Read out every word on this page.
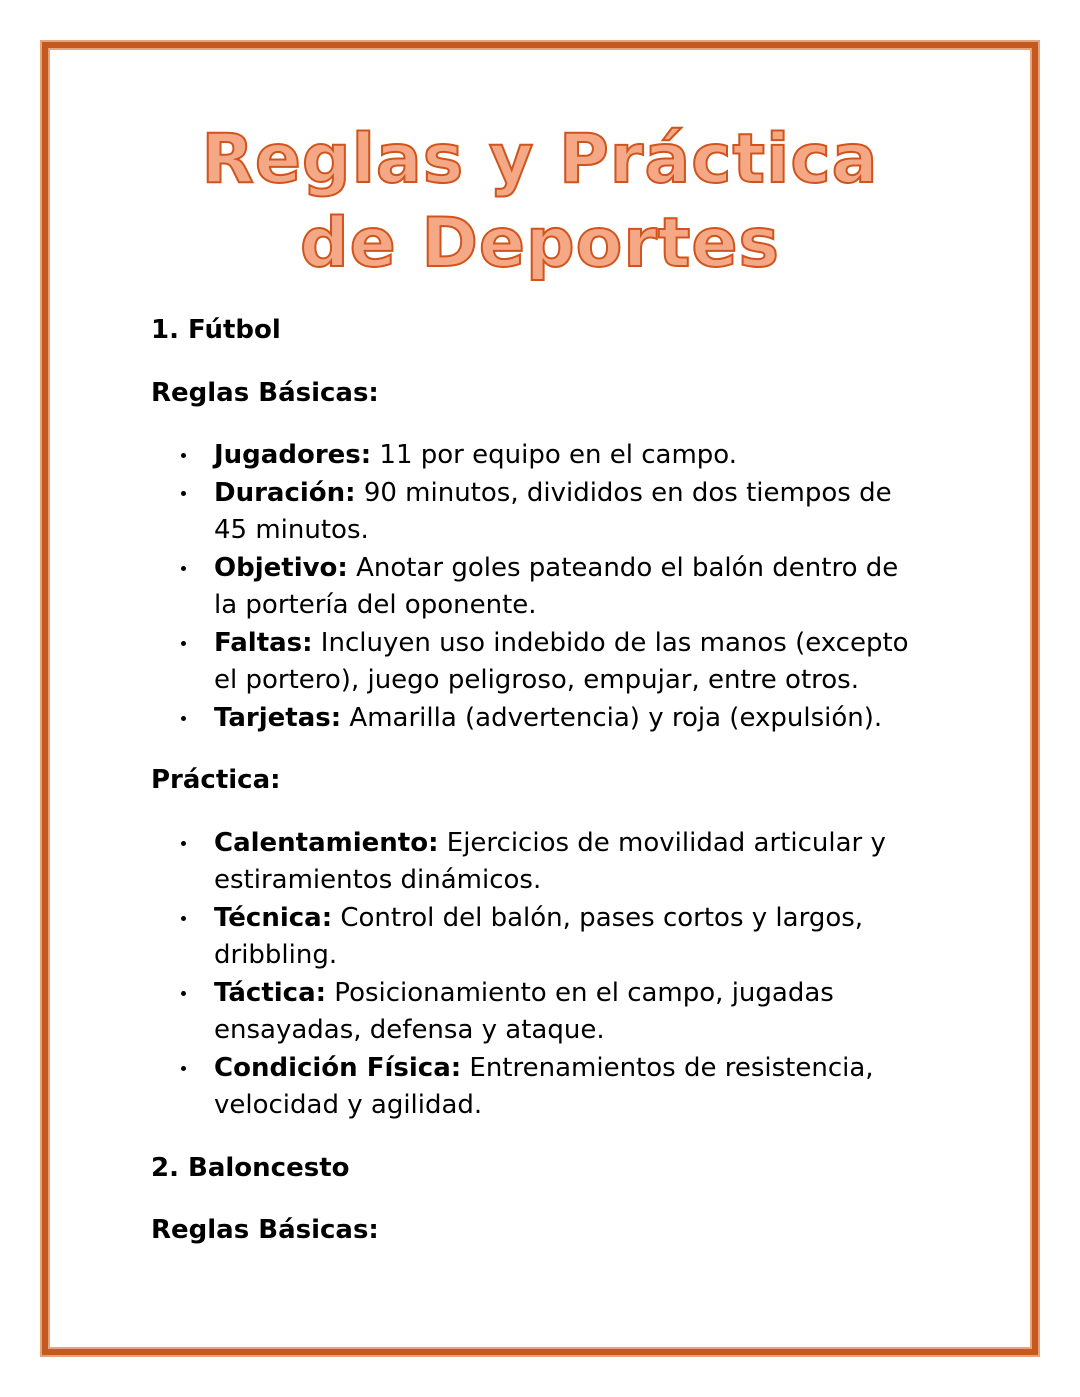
Reglas y Práctica
de Deportes

1. Fútbol

Reglas Básicas:

Jugadores: 11 por equipo en el campo.
Duración: 90 minutos, divididos en dos tiempos de 45 minutos.
Objetivo: Anotar goles pateando el balón dentro de la portería del oponente.
Faltas: Incluyen uso indebido de las manos (excepto el portero), juego peligroso, empujar, entre otros.
Tarjetas: Amarilla (advertencia) y roja (expulsión).

Práctica:

Calentamiento: Ejercicios de movilidad articular y estiramientos dinámicos.
Técnica: Control del balón, pases cortos y largos, dribbling.
Táctica: Posicionamiento en el campo, jugadas ensayadas, defensa y ataque.
Condición Física: Entrenamientos de resistencia, velocidad y agilidad.

2. Baloncesto

Reglas Básicas:
